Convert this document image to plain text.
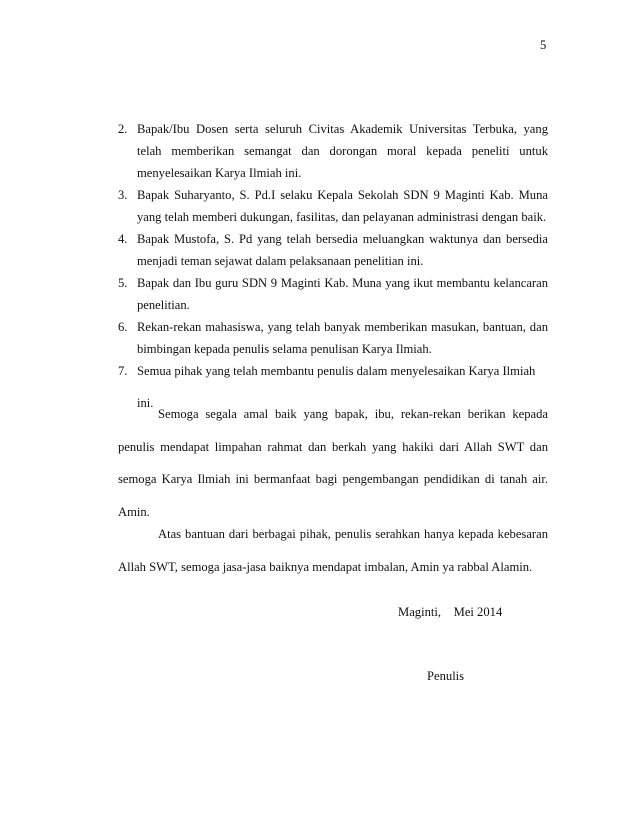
5
2. Bapak/Ibu Dosen serta seluruh Civitas Akademik Universitas Terbuka, yang telah memberikan semangat dan dorongan moral kepada peneliti untuk menyelesaikan Karya Ilmiah ini.
3. Bapak Suharyanto, S. Pd.I selaku Kepala Sekolah SDN 9 Maginti Kab. Muna yang telah memberi dukungan, fasilitas, dan pelayanan administrasi dengan baik.
4. Bapak Mustofa, S. Pd yang telah bersedia meluangkan waktunya dan bersedia menjadi teman sejawat dalam pelaksanaan penelitian ini.
5. Bapak dan Ibu guru SDN 9 Maginti Kab. Muna yang ikut membantu kelancaran penelitian.
6. Rekan-rekan mahasiswa, yang telah banyak memberikan masukan, bantuan, dan bimbingan kepada penulis selama penulisan Karya Ilmiah.
7. Semua pihak yang telah membantu penulis dalam menyelesaikan Karya Ilmiah
ini.

Semoga segala amal baik yang bapak, ibu, rekan-rekan berikan kepada penulis mendapat limpahan rahmat dan berkah yang hakiki dari Allah SWT dan semoga Karya Ilmiah ini bermanfaat bagi pengembangan pendidikan di tanah air. Amin.

Atas bantuan dari berbagai pihak, penulis serahkan hanya kepada kebesaran Allah SWT, semoga jasa-jasa baiknya mendapat imbalan, Amin ya rabbal Alamin.

Maginti,    Mei 2014
Penulis
